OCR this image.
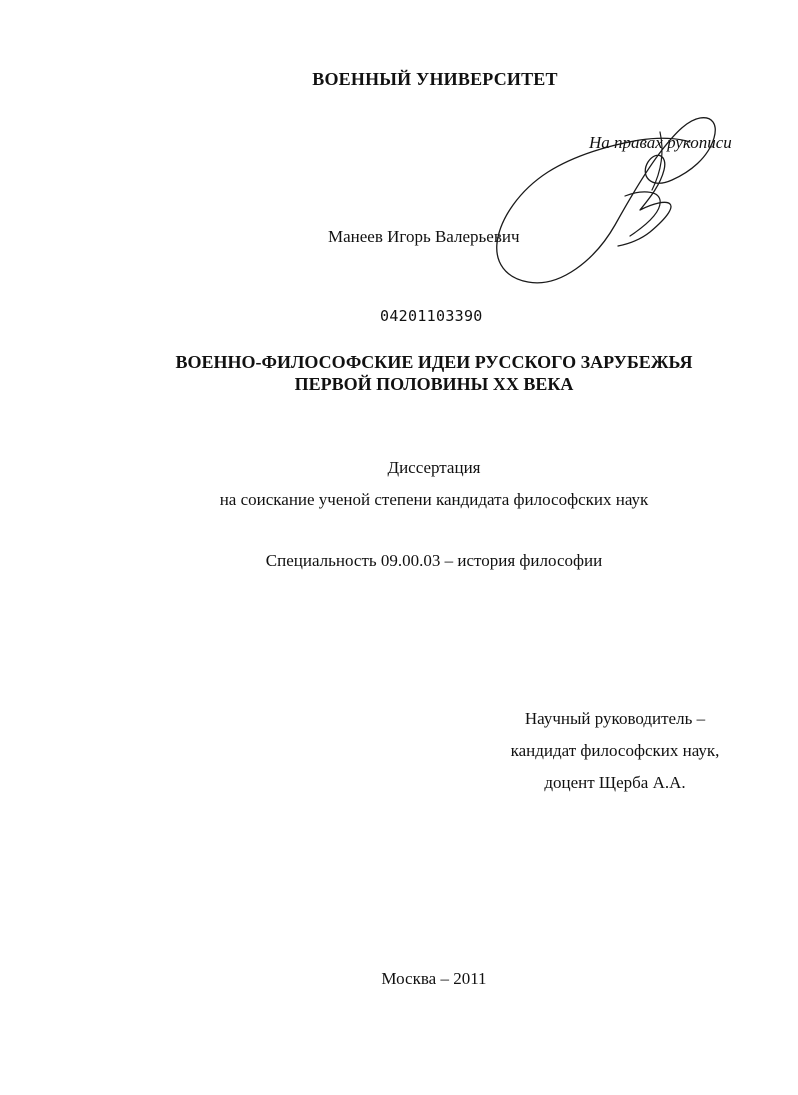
ВОЕННЫЙ УНИВЕРСИТЕТ
На правах рукописи
Манеев Игорь Валерьевич
04201103390
ВОЕННО-ФИЛОСОФСКИЕ ИДЕИ РУССКОГО ЗАРУБЕЖЬЯ
ПЕРВОЙ ПОЛОВИНЫ XX ВЕКА
Диссертация
на соискание ученой степени кандидата философских наук
Специальность 09.00.03 – история философии
Научный руководитель –
кандидат философских наук,
доцент Щерба А.А.
Москва – 2011
